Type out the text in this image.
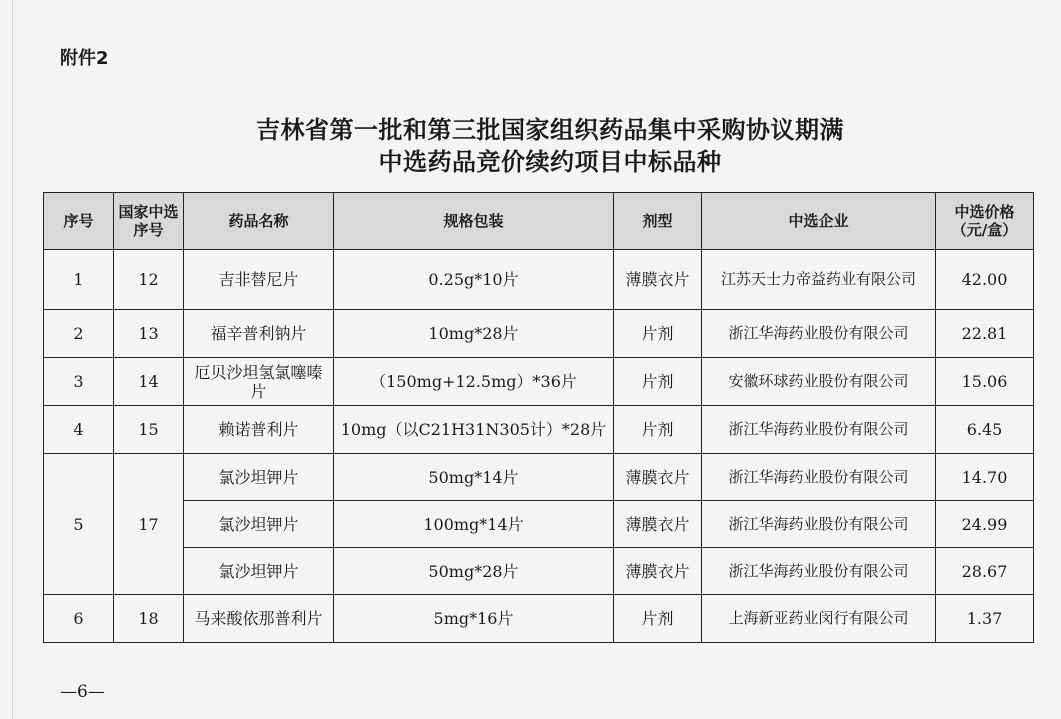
附件2
吉林省第一批和第三批国家组织药品集中采购协议期满
中选药品竞价续约项目中标品种
序号	国家中选序号	药品名称	规格包装	剂型	中选企业	中选价格（元/盒）
1	12	吉非替尼片	0.25g*10片	薄膜衣片	江苏天士力帝益药业有限公司	42.00
2	13	福辛普利钠片	10mg*28片	片剂	浙江华海药业股份有限公司	22.81
3	14	厄贝沙坦氢氯噻嗪片	（150mg+12.5mg）*36片	片剂	安徽环球药业股份有限公司	15.06
4	15	赖诺普利片	10mg（以C21H31N305计）*28片	片剂	浙江华海药业股份有限公司	6.45
5	17	氯沙坦钾片	50mg*14片	薄膜衣片	浙江华海药业股份有限公司	14.70
		氯沙坦钾片	100mg*14片	薄膜衣片	浙江华海药业股份有限公司	24.99
		氯沙坦钾片	50mg*28片	薄膜衣片	浙江华海药业股份有限公司	28.67
6	18	马来酸依那普利片	5mg*16片	片剂	上海新亚药业闵行有限公司	1.37
—6—
